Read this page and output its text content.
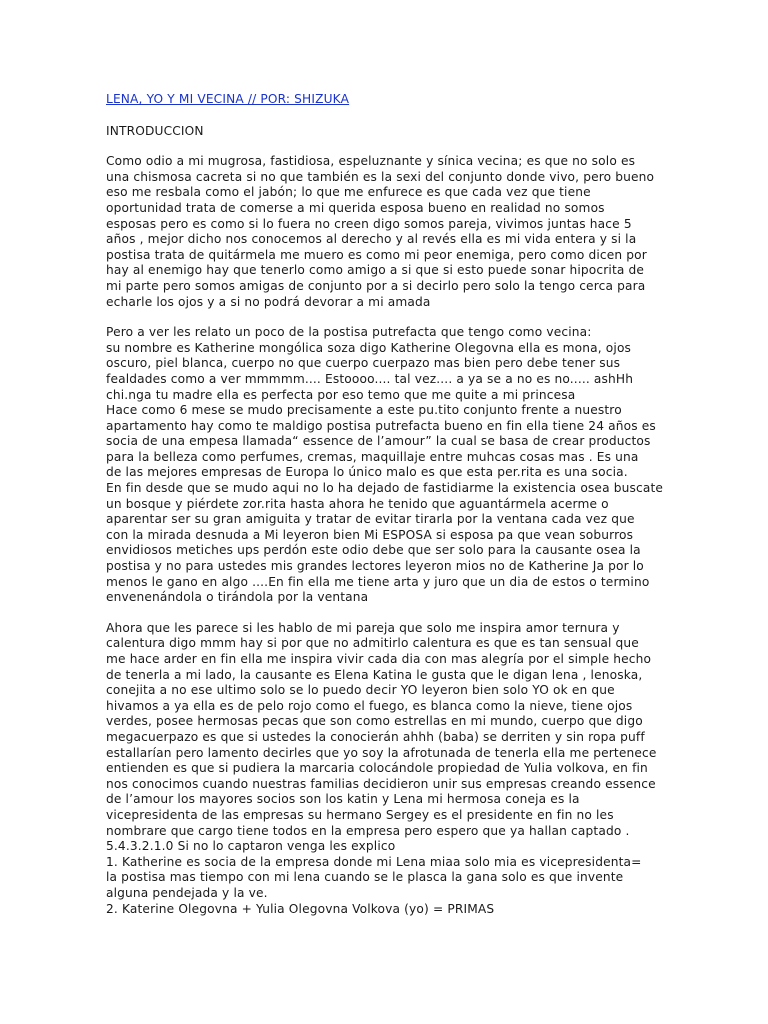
LENA, YO Y MI VECINA // POR: SHIZUKA
INTRODUCCION
Como odio a mi mugrosa, fastidiosa, espeluznante y sínica vecina; es que no solo es
una chismosa cacreta si no que también es la sexi del conjunto donde vivo, pero bueno
eso me resbala como el jabón; lo que me enfurece es que cada vez que tiene
oportunidad trata de comerse a mi querida esposa bueno en realidad no somos
esposas pero es como si lo fuera no creen digo somos pareja, vivimos juntas hace 5
años , mejor dicho nos conocemos al derecho y al revés ella es mi vida entera y si la
postisa trata de quitármela me muero es como mi peor enemiga, pero como dicen por
hay al enemigo hay que tenerlo como amigo a si que si esto puede sonar hipocrita de
mi parte pero somos amigas de conjunto por a si decirlo pero solo la tengo cerca para
echarle los ojos y a si no podrá devorar a mi amada
Pero a ver les relato un poco de la postisa putrefacta que tengo como vecina:
su nombre es Katherine mongólica soza digo Katherine Olegovna ella es mona, ojos
oscuro, piel blanca, cuerpo no que cuerpo cuerpazo mas bien pero debe tener sus
fealdades como a ver mmmmm.... Estoooo.... tal vez.... a ya se a no es no..... ashHh
chi.nga tu madre ella es perfecta por eso temo que me quite a mi princesa
Hace como 6 mese se mudo precisamente a este pu.tito conjunto frente a nuestro
apartamento hay como te maldigo postisa putrefacta bueno en fin ella tiene 24 años es
socia de una empesa llamada“ essence de l’amour” la cual se basa de crear productos
para la belleza como perfumes, cremas, maquillaje entre muhcas cosas mas . Es una
de las mejores empresas de Europa lo único malo es que esta per.rita es una socia.
En fin desde que se mudo aqui no lo ha dejado de fastidiarme la existencia osea buscate
un bosque y piérdete zor.rita hasta ahora he tenido que aguantármela acerme o
aparentar ser su gran amiguita y tratar de evitar tirarla por la ventana cada vez que
con la mirada desnuda a Mi leyeron bien Mi ESPOSA si esposa pa que vean soburros
envidiosos metiches ups perdón este odio debe que ser solo para la causante osea la
postisa y no para ustedes mis grandes lectores leyeron mios no de Katherine Ja por lo
menos le gano en algo ....En fin ella me tiene arta y juro que un dia de estos o termino
envenenándola o tirándola por la ventana
Ahora que les parece si les hablo de mi pareja que solo me inspira amor ternura y
calentura digo mmm hay si por que no admitirlo calentura es que es tan sensual que
me hace arder en fin ella me inspira vivir cada dia con mas alegría por el simple hecho
de tenerla a mi lado, la causante es Elena Katina le gusta que le digan lena , lenoska,
conejita a no ese ultimo solo se lo puedo decir YO leyeron bien solo YO ok en que
hivamos a ya ella es de pelo rojo como el fuego, es blanca como la nieve, tiene ojos
verdes, posee hermosas pecas que son como estrellas en mi mundo, cuerpo que digo
megacuerpazo es que si ustedes la conocierán ahhh (baba) se derriten y sin ropa puff
estallarían pero lamento decirles que yo soy la afrotunada de tenerla ella me pertenece
entienden es que si pudiera la marcaria colocándole propiedad de Yulia volkova, en fin
nos conocimos cuando nuestras familias decidieron unir sus empresas creando essence
de l’amour los mayores socios son los katin y Lena mi hermosa coneja es la
vicepresidenta de las empresas su hermano Sergey es el presidente en fin no les
nombrare que cargo tiene todos en la empresa pero espero que ya hallan captado .
5.4.3.2.1.0 Si no lo captaron venga les explico
1. Katherine es socia de la empresa donde mi Lena miaa solo mia es vicepresidenta=
la postisa mas tiempo con mi lena cuando se le plasca la gana solo es que invente
alguna pendejada y la ve.
2. Katerine Olegovna + Yulia Olegovna Volkova (yo) = PRIMAS
